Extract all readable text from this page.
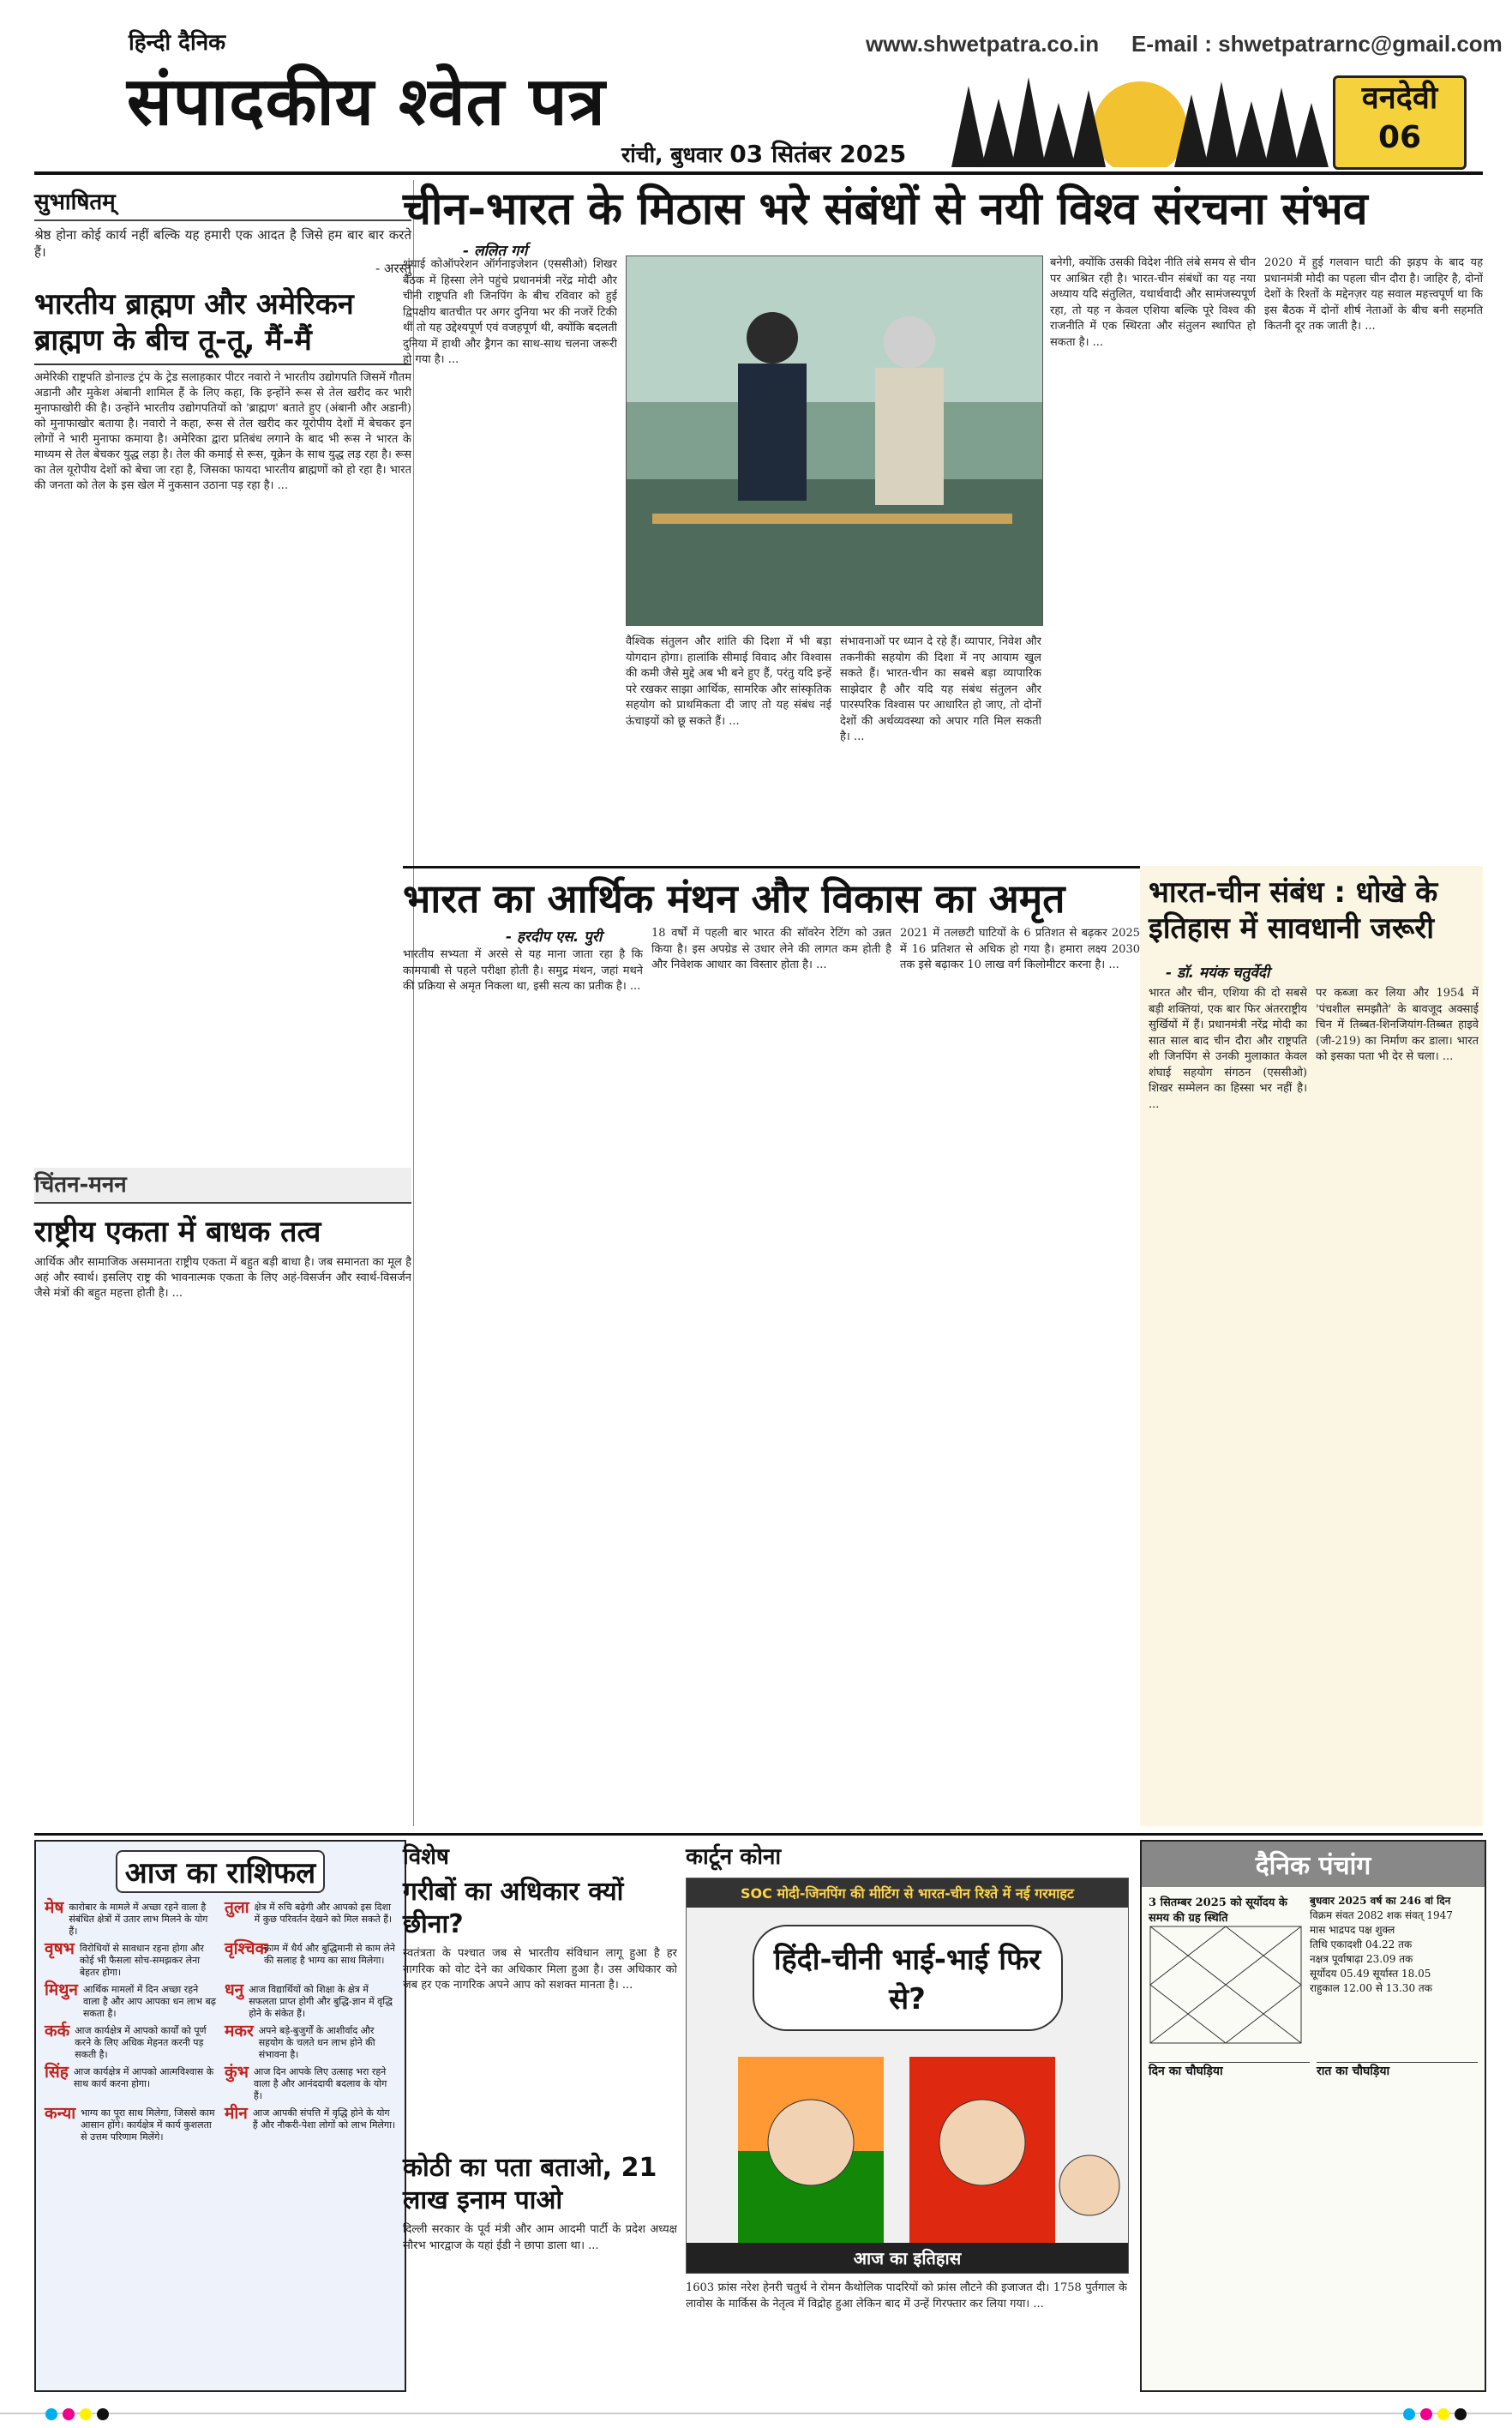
हिन्दी दैनिक
संपादकीय श्वेत पत्र
www.shwetpatra.co.in E-mail : shwetpatrarnc@gmail.com
रांची, बुधवार 03 सितंबर 2025
वनदेवी
06
सुभाषितम्
श्रेष्ठ होना कोई कार्य नहीं बल्कि यह हमारी एक आदत है जिसे हम बार बार करते हैं।
- अरस्तु
भारतीय ब्राह्मण और अमेरिकन ब्राह्मण के बीच तू-तू, मैं-मैं
अमेरिकी राष्ट्रपति डोनाल्ड ट्रंप के ट्रेड सलाहकार पीटर नवारो ने भारतीय उद्योगपति जिसमें गौतम अडानी और मुकेश अंबानी शामिल हैं के लिए कहा, कि इन्होंने रूस से तेल खरीद कर भारी मुनाफाखोरी की है। उन्होंने भारतीय उद्योगपतियों को 'ब्राह्मण' बताते हुए (अंबानी और अडानी) को मुनाफाखोर बताया है। नवारो ने कहा, रूस से तेल खरीद कर यूरोपीय देशों में बेचकर इन लोगों ने भारी मुनाफा कमाया है। अमेरिका द्वारा प्रतिबंध लगाने के बाद भी रूस ने भारत के माध्यम से तेल बेचकर युद्ध लड़ा है। तेल की कमाई से रूस, यूक्रेन के साथ युद्ध लड़ रहा है। रूस का तेल यूरोपीय देशों को बेचा जा रहा है, जिसका फायदा भारतीय ब्राह्मणों को हो रहा है। भारत की जनता को तेल के इस खेल में नुकसान उठाना पड़ रहा है। ...
चिंतन-मनन
राष्ट्रीय एकता में बाधक तत्व
आर्थिक और सामाजिक असमानता राष्ट्रीय एकता में बहुत बड़ी बाधा है। जब समानता का मूल है अहं और स्वार्थ। इसलिए राष्ट्र की भावनात्मक एकता के लिए अहं-विसर्जन और स्वार्थ-विसर्जन जैसे मंत्रों की बहुत महत्ता होती है। ...
चीन-भारत के मिठास भरे संबंधों से नयी विश्व संरचना संभव
- ललित गर्ग
शंघाई कोऑपरेशन ऑर्गनाइजेशन (एससीओ) शिखर बैठक में हिस्सा लेने पहुंचे प्रधानमंत्री नरेंद्र मोदी और चीनी राष्ट्रपति शी जिनपिंग के बीच रविवार को हुई द्विपक्षीय बातचीत पर अगर दुनिया भर की नजरें टिकी थीं तो यह उद्देश्यपूर्ण एवं वजहपूर्ण थी, क्योंकि बदलती दुनिया में हाथी और ड्रैगन का साथ-साथ चलना जरूरी हो गया है। ...
वैश्विक संतुलन और शांति की दिशा में भी बड़ा योगदान होगा। हालांकि सीमाई विवाद और विश्वास की कमी जैसे मुद्दे अब भी बने हुए हैं, परंतु यदि इन्हें परे रखकर साझा आर्थिक, सामरिक और सांस्कृतिक सहयोग को प्राथमिकता दी जाए तो यह संबंध नई ऊंचाइयों को छू सकते हैं। ...
संभावनाओं पर ध्यान दे रहे हैं। व्यापार, निवेश और तकनीकी सहयोग की दिशा में नए आयाम खुल सकते हैं। भारत-चीन का सबसे बड़ा व्यापारिक साझेदार है और यदि यह संबंध संतुलन और पारस्परिक विश्वास पर आधारित हो जाए, तो दोनों देशों की अर्थव्यवस्था को अपार गति मिल सकती है। ...
बनेगी, क्योंकि उसकी विदेश नीति लंबे समय से चीन पर आश्रित रही है। भारत-चीन संबंधों का यह नया अध्याय यदि संतुलित, यथार्थवादी और सामंजस्यपूर्ण रहा, तो यह न केवल एशिया बल्कि पूरे विश्व की राजनीति में एक स्थिरता और संतुलन स्थापित हो सकता है। ...
2020 में हुई गलवान घाटी की झड़प के बाद यह प्रधानमंत्री मोदी का पहला चीन दौरा है। जाहिर है, दोनों देशों के रिश्तों के मद्देनज़र यह सवाल महत्त्वपूर्ण था कि इस बैठक में दोनों शीर्ष नेताओं के बीच बनी सहमति कितनी दूर तक जाती है। ...
भारत का आर्थिक मंथन और विकास का अमृत
- हरदीप एस. पुरी
भारतीय सभ्यता में अरसे से यह माना जाता रहा है कि कामयाबी से पहले परीक्षा होती है। समुद्र मंथन, जहां मथने की प्रक्रिया से अमृत निकला था, इसी सत्य का प्रतीक है। ...
18 वर्षों में पहली बार भारत की सॉवरेन रेटिंग को उन्नत किया है। इस अपग्रेड से उधार लेने की लागत कम होती है और निवेशक आधार का विस्तार होता है। ...
2021 में तलछटी घाटियों के 6 प्रतिशत से बढ़कर 2025 में 16 प्रतिशत से अधिक हो गया है। हमारा लक्ष्य 2030 तक इसे बढ़ाकर 10 लाख वर्ग किलोमीटर करना है। ...
भारत-चीन संबंध : धोखे के इतिहास में सावधानी जरूरी
- डॉ. मयंक चतुर्वेदी
भारत और चीन, एशिया की दो सबसे बड़ी शक्तियां, एक बार फिर अंतरराष्ट्रीय सुर्खियों में हैं। प्रधानमंत्री नरेंद्र मोदी का सात साल बाद चीन दौरा और राष्ट्रपति शी जिनपिंग से उनकी मुलाकात केवल शंघाई सहयोग संगठन (एससीओ) शिखर सम्मेलन का हिस्सा भर नहीं है। ...
पर कब्जा कर लिया और 1954 में 'पंचशील समझौते' के बावजूद अक्साई चिन में तिब्बत-शिनजियांग-तिब्बत हाइवे (जी-219) का निर्माण कर डाला। भारत को इसका पता भी देर से चला। ...
आज का राशिफल
मेष कारोबार के मामले में अच्छा रहने वाला है संबंधित क्षेत्रों में उतार लाभ मिलने के योग हैं।
तुला क्षेत्र में रुचि बढ़ेगी और आपको इस दिशा में कुछ परिवर्तन देखने को मिल सकते हैं।
वृषभ विरोधियों से सावधान रहना होगा और कोई भी फैसला सोच-समझकर लेना बेहतर होगा।
वृश्चिक
काम में धैर्य और बुद्धिमानी से काम लेने की सलाह है भाग्य का साथ मिलेगा।
मिथुन आर्थिक मामलों में दिन अच्छा रहने वाला है और आप आपका धन लाभ बढ़ सकता है।
धनु आज विद्यार्थियों को शिक्षा के क्षेत्र में सफलता प्राप्त होगी और बुद्धि-ज्ञान में वृद्धि होने के संकेत हैं।
कर्क आज कार्यक्षेत्र में आपको कार्यों को पूर्ण करने के लिए अधिक मेहनत करनी पड़ सकती है।
मकर अपने बड़े-बुजुर्गों के आशीर्वाद और सहयोग के चलते धन लाभ होने की संभावना है।
सिंह आज कार्यक्षेत्र में आपको आत्मविश्वास के साथ कार्य करना होगा।
कुंभ आज दिन आपके लिए उत्साह भरा रहने वाला है और आनंददायी बदलाव के योग हैं।
कन्या भाग्य का पूरा साथ मिलेगा, जिससे काम आसान होंगे। कार्यक्षेत्र में कार्य कुशलता से उत्तम परिणाम मिलेंगे।
मीन आज आपकी संपत्ति में वृद्धि होने के योग हैं और नौकरी-पेशा लोगों को लाभ मिलेगा।
विशेष
गरीबों का अधिकार क्यों छीना?
स्वतंत्रता के पश्चात जब से भारतीय संविधान लागू हुआ है हर नागरिक को वोट देने का अधिकार मिला हुआ है। उस अधिकार को जब हर एक नागरिक अपने आप को सशक्त मानता है। ...
कोठी का पता बताओ, 21 लाख इनाम पाओ
दिल्ली सरकार के पूर्व मंत्री और आम आदमी पार्टी के प्रदेश अध्यक्ष सौरभ भारद्वाज के यहां ईडी ने छापा डाला था। ...
कार्टून कोना
SOC मोदी-जिनपिंग की मीटिंग से भारत-चीन रिश्ते में नई गरमाहट
हिंदी-चीनी भाई-भाई फिर से?
आज का इतिहास
1603 फ्रांस नरेश हेनरी चतुर्थ ने रोमन कैथोलिक पादरियों को फ्रांस लौटने की इजाजत दी। 1758 पुर्तगाल के लावोस के मार्किस के नेतृत्व में विद्रोह हुआ लेकिन बाद में उन्हें गिरफ्तार कर लिया गया। ...
दैनिक पंचांग
3 सितम्बर 2025 को सूर्योदय के समय की ग्रह स्थिति
बुधवार 2025 वर्ष का 246 वां दिन
विक्रम संवत 2082 शक संवत् 1947
मास भाद्रपद पक्ष शुक्ल
तिथि एकादशी 04.22 तक
नक्षत्र पूर्वाषाढ़ा 23.09 तक
सूर्योदय 05.49 सूर्यास्त 18.05
राहुकाल 12.00 से 13.30 तक
दिन का चौघड़िया	रात का चौघड़िया
